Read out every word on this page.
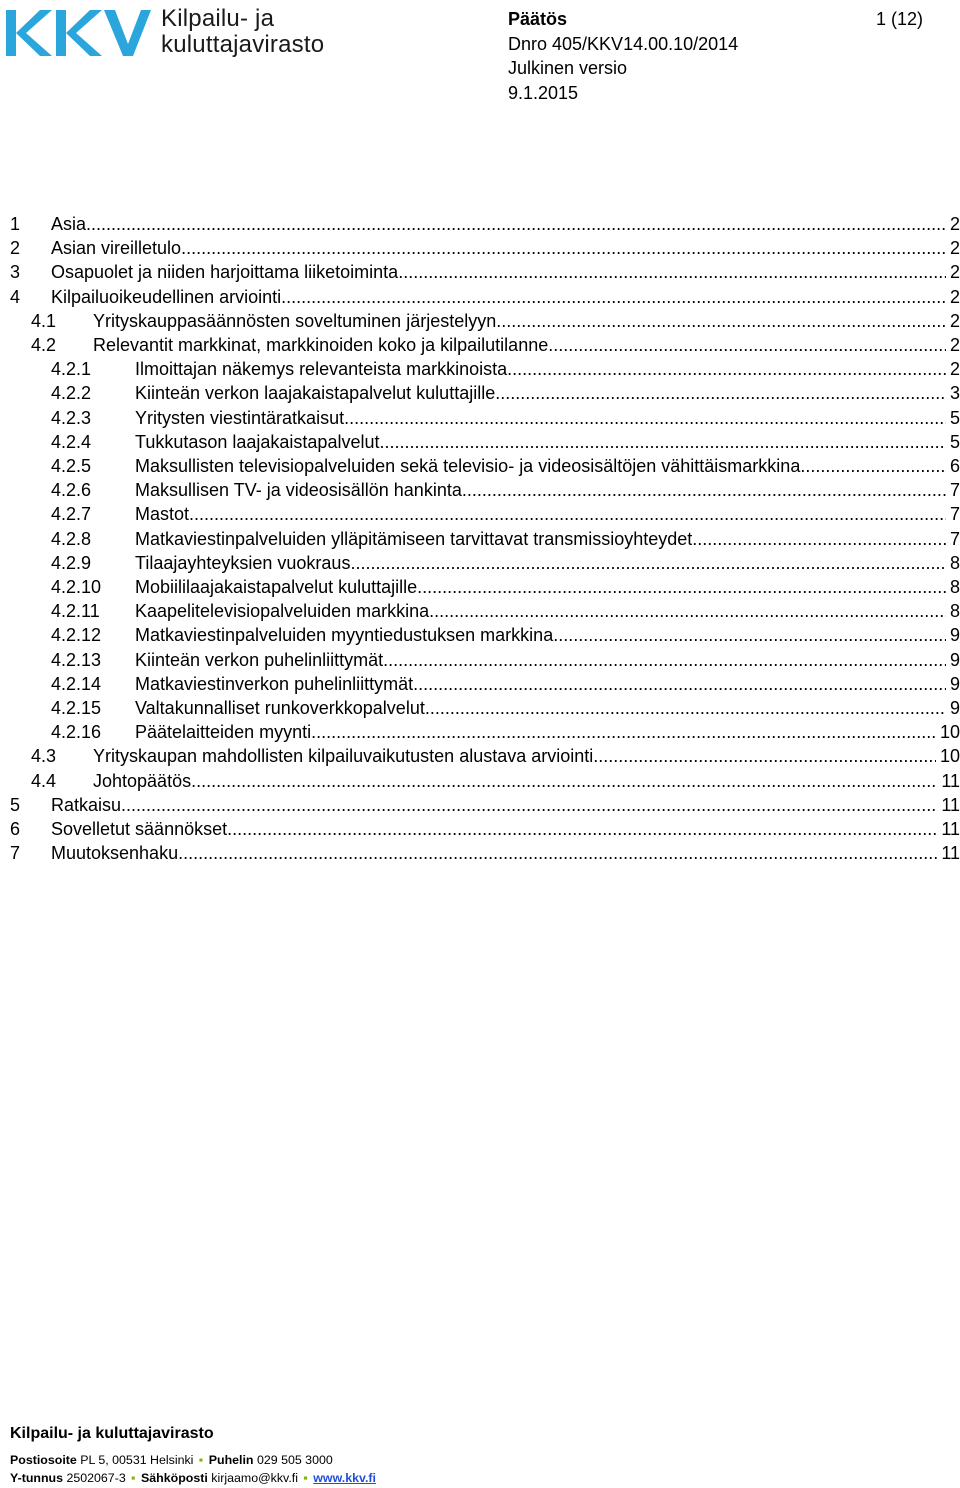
Kilpailu- ja
kuluttajavirasto
Päätös
Dnro 405/KKV14.00.10/2014
Julkinen versio
9.1.2015
1 (12)
1 Asia .....	2
2 Asian vireilletulo .....	2
3 Osapuolet ja niiden harjoittama liiketoiminta .....	2
4 Kilpailuoikeudellinen arviointi .....	2
4.1 Yrityskauppasäännösten soveltuminen järjestelyyn .....	2
4.2 Relevantit markkinat, markkinoiden koko ja kilpailutilanne .....	2
4.2.1 Ilmoittajan näkemys relevanteista markkinoista .....	2
4.2.2 Kiinteän verkon laajakaistapalvelut kuluttajille .....	3
4.2.3 Yritysten viestintäratkaisut .....	5
4.2.4 Tukkutason laajakaistapalvelut .....	5
4.2.5 Maksullisten televisiopalveluiden sekä televisio- ja videosisältöjen vähittäismarkkina .....	6
4.2.6 Maksullisen TV- ja videosisällön hankinta .....	7
4.2.7 Mastot .....	7
4.2.8 Matkaviestinpalveluiden ylläpitämiseen tarvittavat transmissioyhteydet .....	7
4.2.9 Tilaajayhteyksien vuokraus .....	8
4.2.10 Mobiililaajakaistapalvelut kuluttajille .....	8
4.2.11 Kaapelitelevisiopalveluiden markkina .....	8
4.2.12 Matkaviestinpalveluiden myyntiedustuksen markkina .....	9
4.2.13 Kiinteän verkon puhelinliittymät .....	9
4.2.14 Matkaviestinverkon puhelinliittymät .....	9
4.2.15 Valtakunnalliset runkoverkkopalvelut .....	9
4.2.16 Päätelaitteiden myynti .....	10
4.3 Yrityskaupan mahdollisten kilpailuvaikutusten alustava arviointi .....	10
4.4 Johtopäätös .....	11
5 Ratkaisu .....	11
6 Sovelletut säännökset .....	11
7 Muutoksenhaku .....	11
Kilpailu- ja kuluttajavirasto
Postiosoite PL 5, 00531 Helsinki ▪ Puhelin 029 505 3000
Y-tunnus 2502067-3 ▪ Sähköposti kirjaamo@kkv.fi ▪ www.kkv.fi
